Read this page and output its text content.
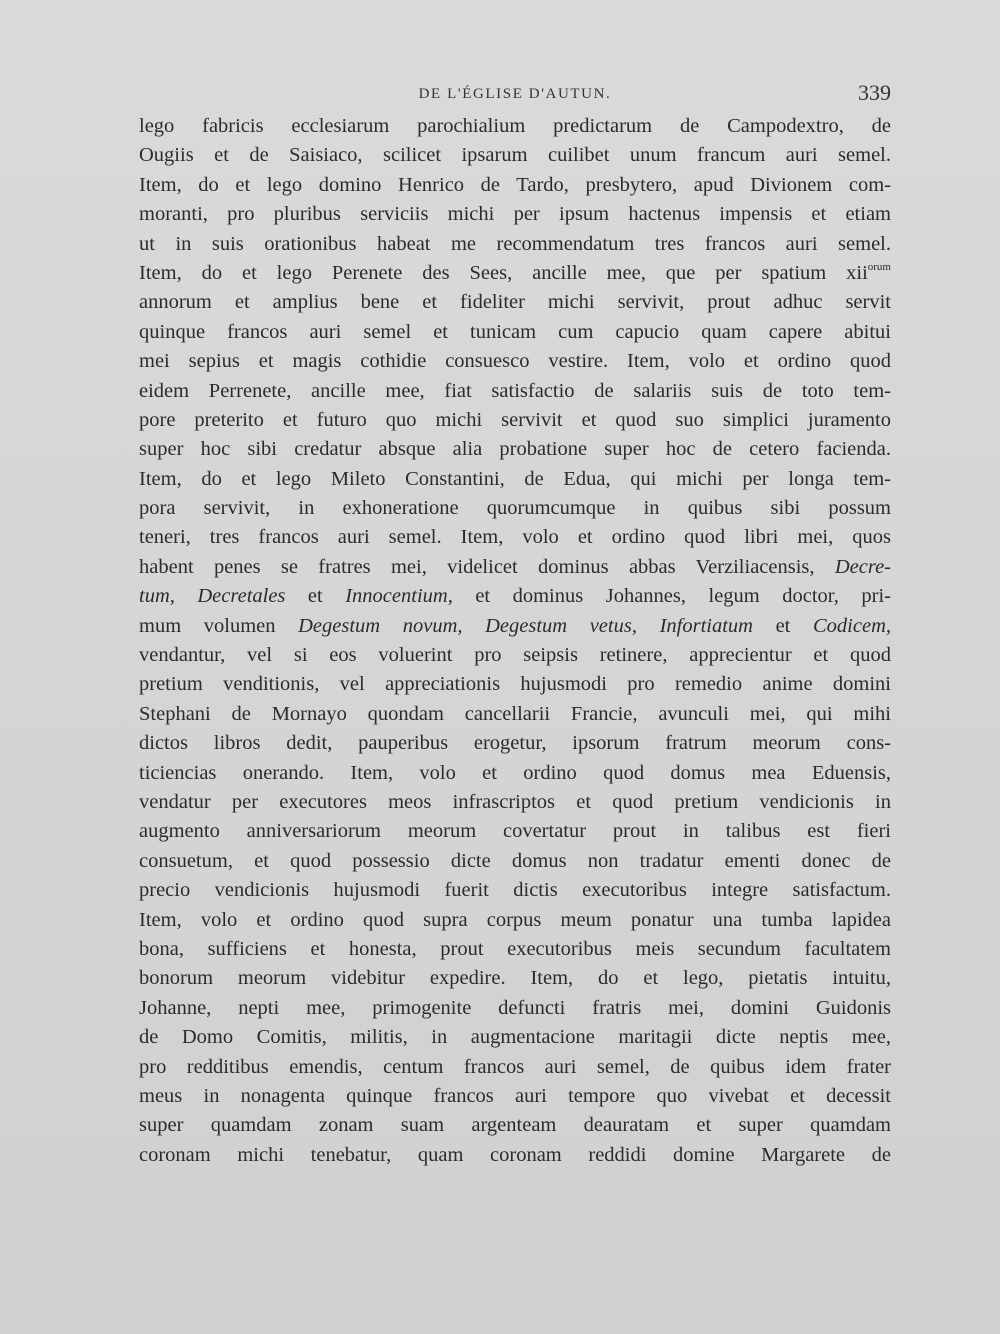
DE L'ÉGLISE D'AUTUN.	339
lego fabricis ecclesiarum parochialium predictarum de Campodextro, de
Ougiis et de Saisiaco, scilicet ipsarum cuilibet unum francum auri semel.
Item, do et lego domino Henrico de Tardo, presbytero, apud Divionem com-
moranti, pro pluribus serviciis michi per ipsum hactenus impensis et etiam
ut in suis orationibus habeat me recommendatum tres francos auri semel.
Item, do et lego Perenete des Sees, ancille mee, que per spatium xii$^{orum}$
annorum et amplius bene et fideliter michi servivit, prout adhuc servit
quinque francos auri semel et tunicam cum capucio quam capere abitui
mei sepius et magis cothidie consuesco vestire. Item, volo et ordino quod
eidem Perrenete, ancille mee, fiat satisfactio de salariis suis de toto tem-
pore preterito et futuro quo michi servivit et quod suo simplici juramento
super hoc sibi credatur absque alia probatione super hoc de cetero facienda.
Item, do et lego Mileto Constantini, de Edua, qui michi per longa tem-
pora servivit, in exhoneratione quorumcumque in quibus sibi possum
teneri, tres francos auri semel. Item, volo et ordino quod libri mei, quos
habent penes se fratres mei, videlicet dominus abbas Verziliacensis, Decre-
tum, Decretales et Innocentium, et dominus Johannes, legum doctor, pri-
mum volumen Degestum novum, Degestum vetus, Infortiatum et Codicem,
vendantur, vel si eos voluerint pro seipsis retinere, apprecientur et quod
pretium venditionis, vel appreciationis hujusmodi pro remedio anime domini
Stephani de Mornayo quondam cancellarii Francie, avunculi mei, qui mihi
dictos libros dedit, pauperibus erogetur, ipsorum fratrum meorum cons-
ticiencias onerando. Item, volo et ordino quod domus mea Eduensis,
vendatur per executores meos infrascriptos et quod pretium vendicionis in
augmento anniversariorum meorum covertatur prout in talibus est fieri
consuetum, et quod possessio dicte domus non tradatur ementi donec de
precio vendicionis hujusmodi fuerit dictis executoribus integre satisfactum.
Item, volo et ordino quod supra corpus meum ponatur una tumba lapidea
bona, sufficiens et honesta, prout executoribus meis secundum facultatem
bonorum meorum videbitur expedire. Item, do et lego, pietatis intuitu,
Johanne, nepti mee, primogenite defuncti fratris mei, domini Guidonis
de Domo Comitis, militis, in augmentacione maritagii dicte neptis mee,
pro redditibus emendis, centum francos auri semel, de quibus idem frater
meus in nonagenta quinque francos auri tempore quo vivebat et decessit
super quamdam zonam suam argenteam deauratam et super quamdam
coronam michi tenebatur, quam coronam reddidi domine Margarete de
